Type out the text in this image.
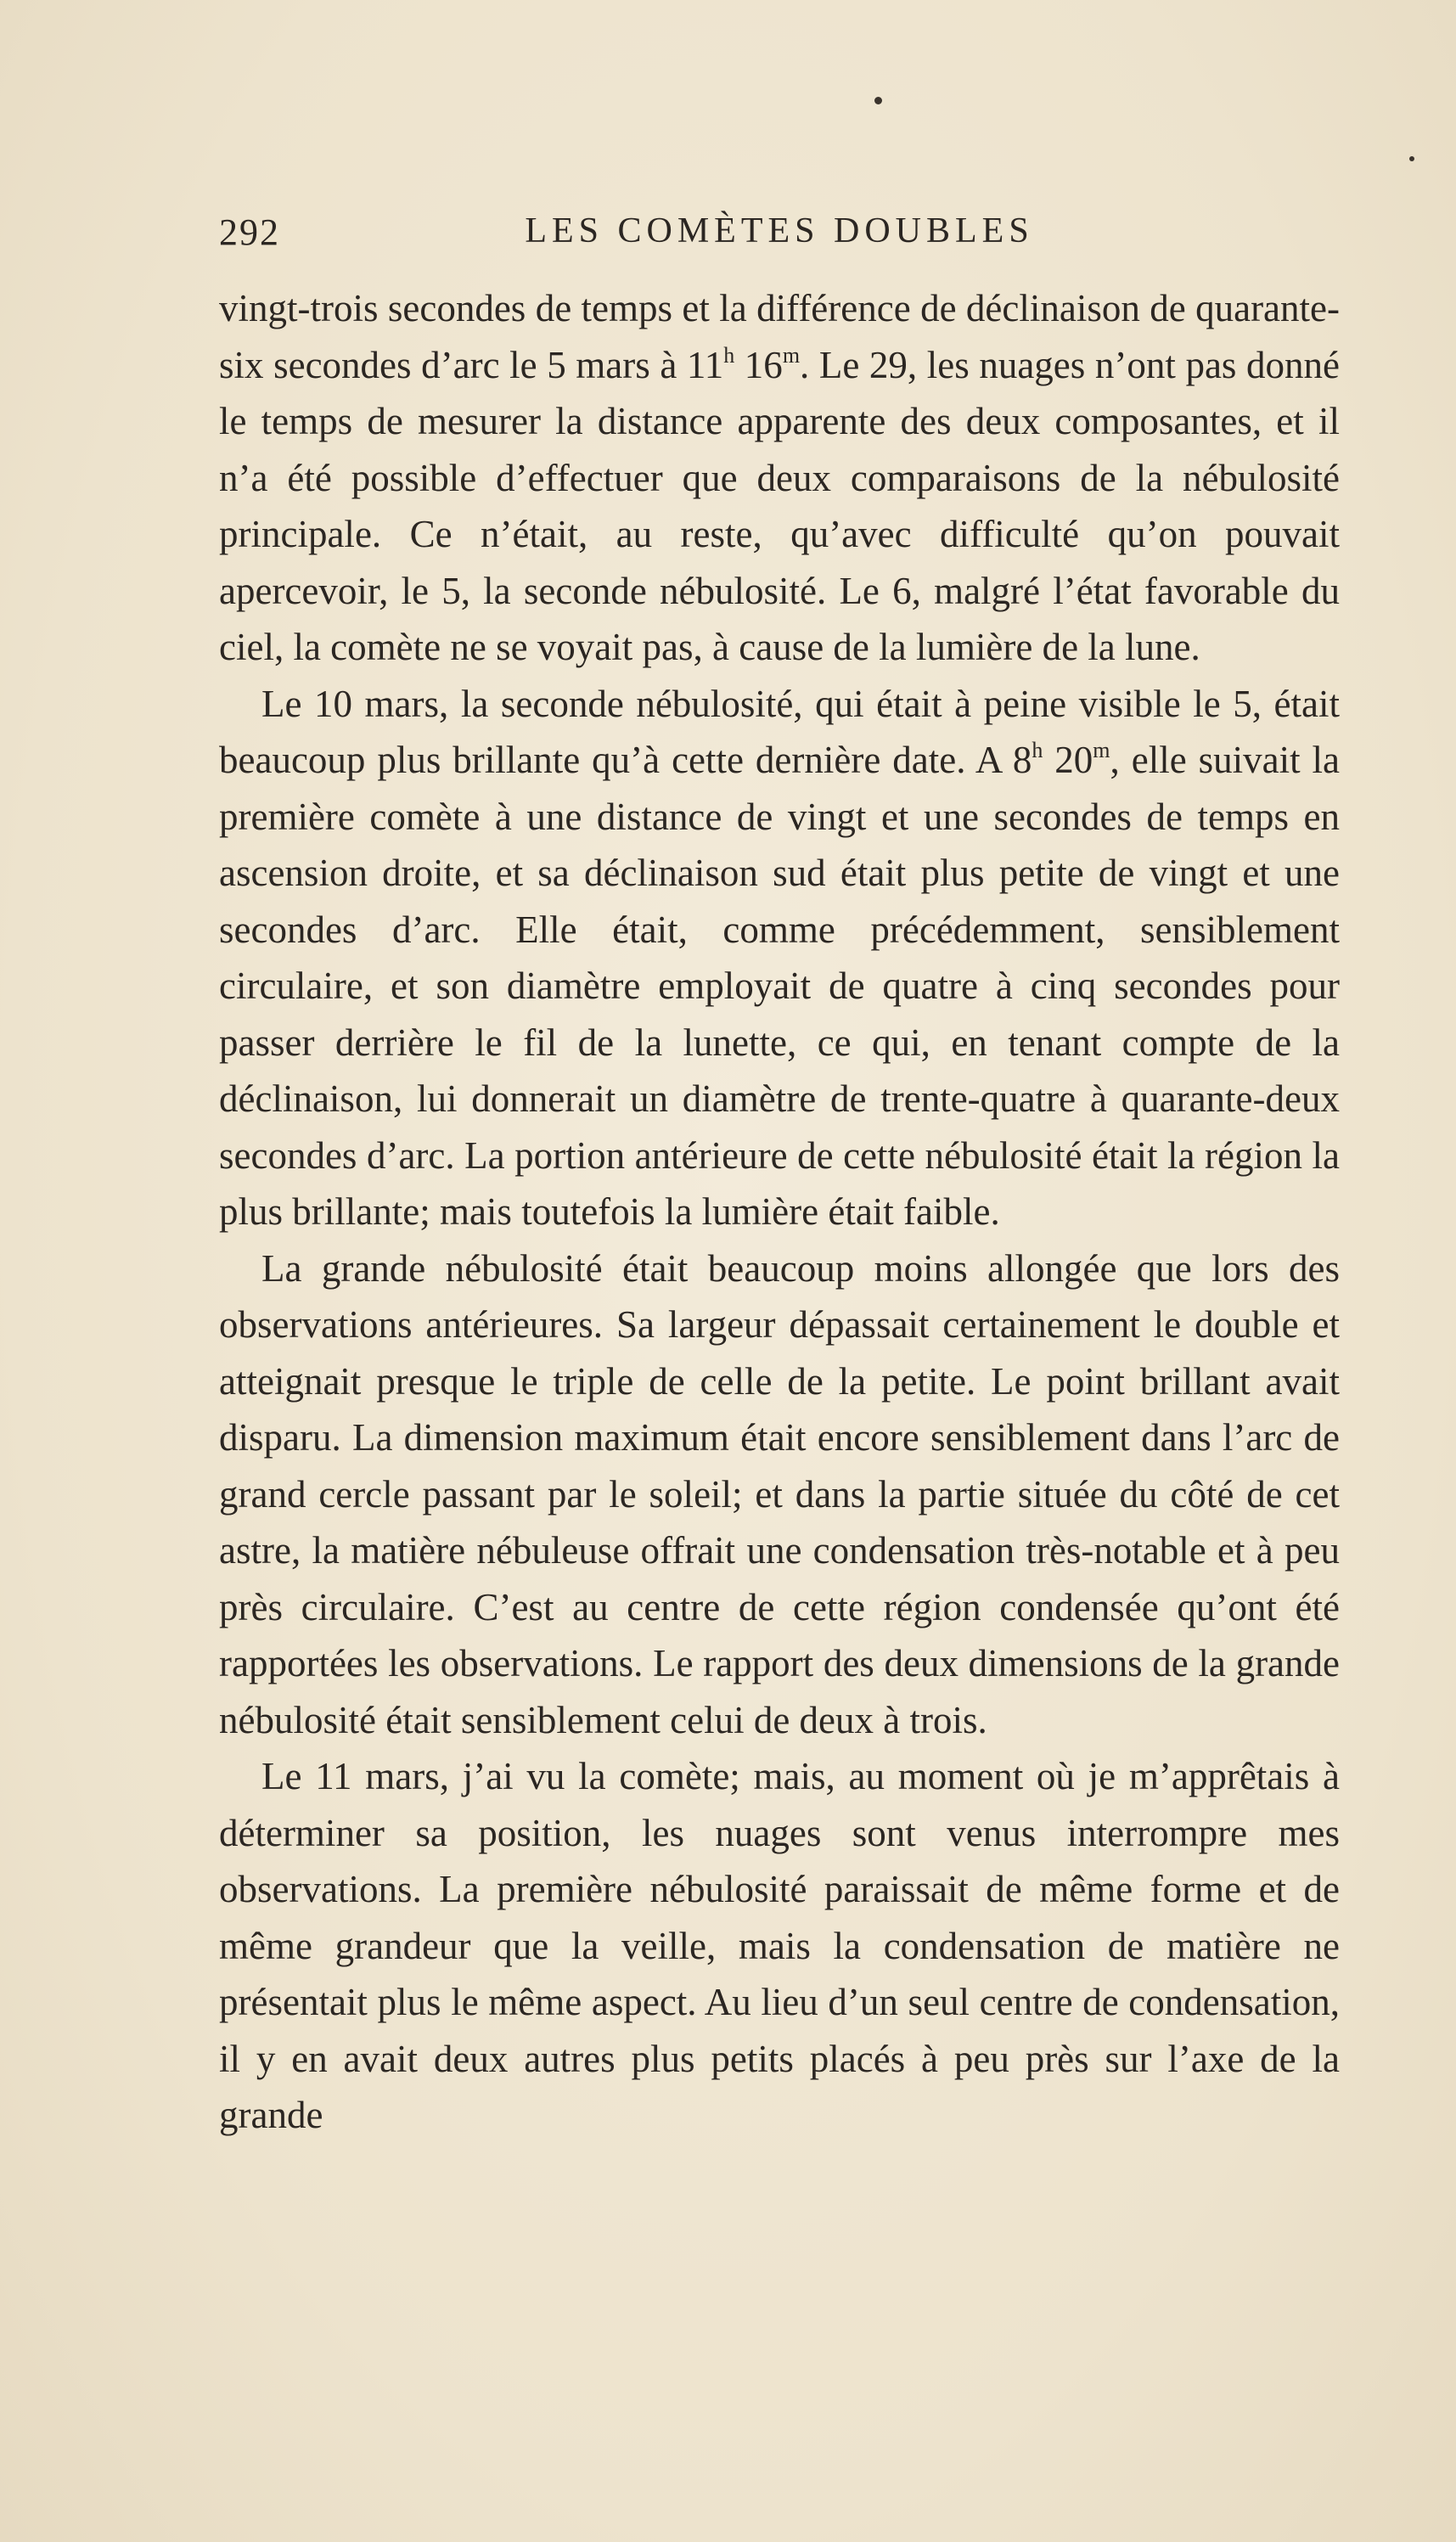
292	LES COMÈTES DOUBLES

vingt-trois secondes de temps et la différence de déclinaison de quarante-six secondes d’arc le 5 mars à 11$^h$ 16$^m$. Le 29, les nuages n’ont pas donné le temps de mesurer la distance apparente des deux composantes, et il n’a été possible d’effectuer que deux comparaisons de la nébulosité principale. Ce n’était, au reste, qu’avec difficulté qu’on pouvait apercevoir, le 5, la seconde nébulosité. Le 6, malgré l’état favorable du ciel, la comète ne se voyait pas, à cause de la lumière de la lune.

Le 10 mars, la seconde nébulosité, qui était à peine visible le 5, était beaucoup plus brillante qu’à cette dernière date. A 8$^h$ 20$^m$, elle suivait la première comète à une distance de vingt et une secondes de temps en ascension droite, et sa déclinaison sud était plus petite de vingt et une secondes d’arc. Elle était, comme précédemment, sensiblement circulaire, et son diamètre employait de quatre à cinq secondes pour passer derrière le fil de la lunette, ce qui, en tenant compte de la déclinaison, lui donnerait un diamètre de trente-quatre à quarante-deux secondes d’arc. La portion antérieure de cette nébulosité était la région la plus brillante; mais toutefois la lumière était faible.

La grande nébulosité était beaucoup moins allongée que lors des observations antérieures. Sa largeur dépassait certainement le double et atteignait presque le triple de celle de la petite. Le point brillant avait disparu. La dimension maximum était encore sensiblement dans l’arc de grand cercle passant par le soleil; et dans la partie située du côté de cet astre, la matière nébuleuse offrait une condensation très-notable et à peu près circulaire. C’est au centre de cette région condensée qu’ont été rapportées les observations. Le rapport des deux dimensions de la grande nébulosité était sensiblement celui de deux à trois.

Le 11 mars, j’ai vu la comète; mais, au moment où je m’apprêtais à déterminer sa position, les nuages sont venus interrompre mes observations. La première nébulosité paraissait de même forme et de même grandeur que la veille, mais la condensation de matière ne présentait plus le même aspect. Au lieu d’un seul centre de condensation, il y en avait deux autres plus petits placés à peu près sur l’axe de la grande
